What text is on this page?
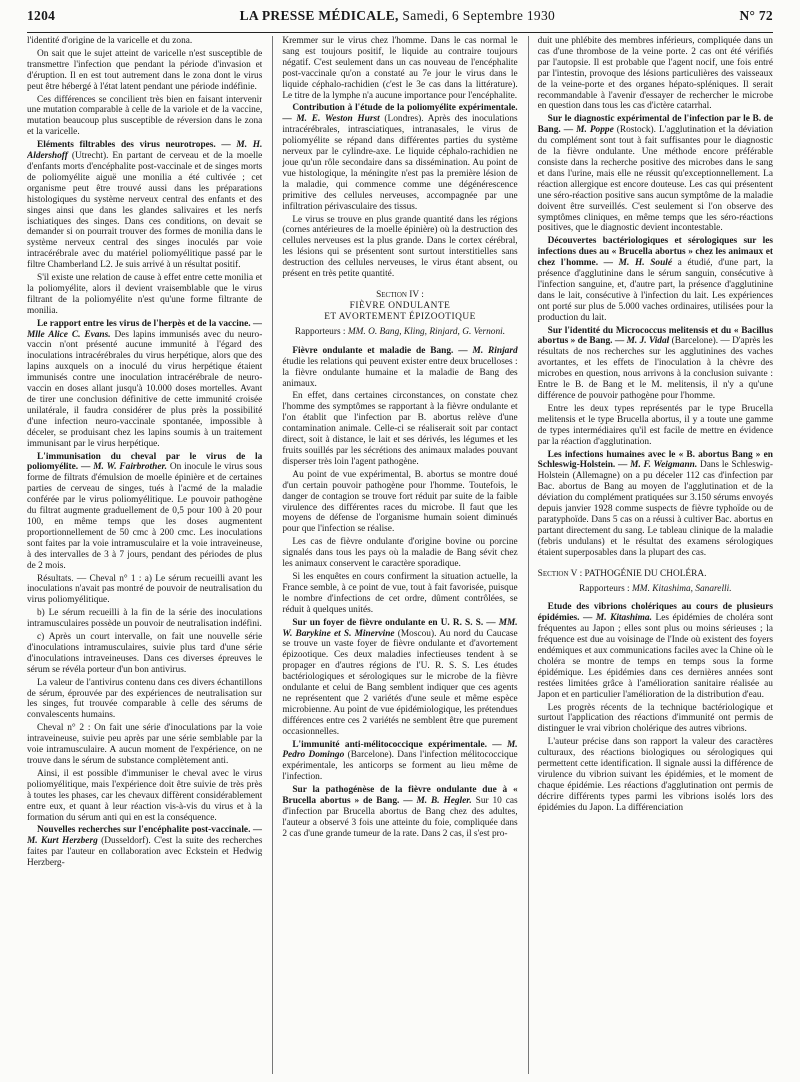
1204	LA PRESSE MÉDICALE, Samedi, 6 Septembre 1930	N° 72

l'identité d'origine de la varicelle et du zona.

On sait que le sujet atteint de varicelle n'est susceptible de transmettre l'infection que pendant la période d'invasion et d'éruption. Il en est tout autrement dans le zona dont le virus peut être hébergé à l'état latent pendant une période indéfinie.

Ces différences se concilient très bien en faisant intervenir une mutation comparable à celle de la variole et de la vaccine, mutation beaucoup plus susceptible de réversion dans le zona et la varicelle.

Eléments filtrables des virus neurotropes. — M. H. Aldershoff (Utrecht). En partant de cerveau et de la moelle d'enfants morts d'encéphalite post-vaccinale et de singes morts de poliomyélite aiguë une monilia a été cultivée ; cet organisme peut être trouvé aussi dans les préparations histologiques du système nerveux central des enfants et des singes ainsi que dans les glandes salivaires et les nerfs ischiatiques des singes. Dans ces conditions, on devait se demander si on pourrait trouver des formes de monilia dans le système nerveux central des singes inoculés par voie intracérébrale avec du matériel poliomyélitique passé par le filtre Chamberland L2. Je suis arrivé à un résultat positif.

S'il existe une relation de cause à effet entre cette monilia et la poliomyélite, alors il devient vraisemblable que le virus filtrant de la poliomyélite n'est qu'une forme filtrante de monilia.

Le rapport entre les virus de l'herpès et de la vaccine. — Mlle Alice C. Evans. Des lapins immunisés avec du neuro-vaccin n'ont présenté aucune immunité à l'égard des inoculations intracérébrales du virus herpétique, alors que des lapins auxquels on a inoculé du virus herpétique étaient immunisés contre une inoculation intracérébrale de neuro-vaccin en doses allant jusqu'à 10.000 doses mortelles. Avant de tirer une conclusion définitive de cette immunité croisée unilatérale, il faudra considérer de plus près la possibilité d'une infection neuro-vaccinale spontanée, impossible à déceler, se produisant chez les lapins soumis à un traitement immunisant par le virus herpétique.

L'immunisation du cheval par le virus de la poliomyélite. — M. W. Fairbrother. On inocule le virus sous forme de filtrats d'émulsion de moelle épinière et de certaines parties de cerveau de singes, tués à l'acmé de la maladie conférée par le virus poliomyélitique. Le pouvoir pathogène du filtrat augmente graduellement de 0,5 pour 100 à 20 pour 100, en même temps que les doses augmentent proportionnellement de 50 cmc à 200 cmc. Les inoculations sont faites par la voie intramusculaire et la voie intraveineuse, à des intervalles de 3 à 7 jours, pendant des périodes de plus de 2 mois.

Résultats. — Cheval n° 1 : a) Le sérum recueilli avant les inoculations n'avait pas montré de pouvoir de neutralisation du virus poliomyélitique.

b) Le sérum recueilli à la fin de la série des inoculations intramusculaires possède un pouvoir de neutralisation indéfini.

c) Après un court intervalle, on fait une nouvelle série d'inoculations intramusculaires, suivie plus tard d'une série d'inoculations intraveineuses. Dans ces diverses épreuves le sérum se révéla porteur d'un bon antivirus.

La valeur de l'antivirus contenu dans ces divers échantillons de sérum, éprouvée par des expériences de neutralisation sur les singes, fut trouvée comparable à celle des sérums de convalescents humains.

Cheval n° 2 : On fait une série d'inoculations par la voie intraveineuse, suivie peu après par une série semblable par la voie intramusculaire. A aucun moment de l'expérience, on ne trouve dans le sérum de substance complètement anti.

Ainsi, il est possible d'immuniser le cheval avec le virus poliomyélitique, mais l'expérience doit être suivie de très près à toutes les phases, car les chevaux diffèrent considérablement entre eux, et quant à leur réaction vis-à-vis du virus et à la formation du sérum anti qui en est la conséquence.

Nouvelles recherches sur l'encéphalite post-vaccinale. — M. Kurt Herzberg (Dusseldorf). C'est la suite des recherches faites par l'auteur en collaboration avec Eckstein et Hedwig Herzberg-

Kremmer sur le virus chez l'homme. Dans le cas normal le sang est toujours positif, le liquide au contraire toujours négatif. C'est seulement dans un cas nouveau de l'encéphalite post-vaccinale qu'on a constaté au 7e jour le virus dans le liquide céphalo-rachidien (c'est le 3e cas dans la littérature). Le titre de la lymphe n'a aucune importance pour l'encéphalite.

Contribution à l'étude de la poliomyélite expérimentale. — M. E. Weston Hurst (Londres). Après des inoculations intracérébrales, intrasciatiques, intranasales, le virus de poliomyélite se répand dans différentes parties du système nerveux par le cylindre-axe. Le liquide céphalo-rachidien ne joue qu'un rôle secondaire dans sa dissémination. Au point de vue histologique, la méningite n'est pas la première lésion de la maladie, qui commence comme une dégénérescence primitive des cellules nerveuses, accompagnée par une infiltration périvasculaire des tissus.

Le virus se trouve en plus grande quantité dans les régions (cornes antérieures de la moelle épinière) où la destruction des cellules nerveuses est la plus grande. Dans le cortex cérébral, les lésions qui se présentent sont surtout interstitielles sans destruction des cellules nerveuses, le virus étant absent, ou présent en très petite quantité.

Section IV :
FIÈVRE ONDULANTE
ET AVORTEMENT ÉPIZOOTIQUE
Rapporteurs : MM. O. Bang, Kling, Rinjard, G. Vernoni.

Fièvre ondulante et maladie de Bang. — M. Rinjard étudie les relations qui peuvent exister entre deux brucelloses : la fièvre ondulante humaine et la maladie de Bang des animaux.

En effet, dans certaines circonstances, on constate chez l'homme des symptômes se rapportant à la fièvre ondulante et l'on établit que l'infection par B. abortus relève d'une contamination animale. Celle-ci se réaliserait soit par contact direct, soit à distance, le lait et ses dérivés, les légumes et les fruits souillés par les sécrétions des animaux malades pouvant disperser très loin l'agent pathogène.

Au point de vue expérimental, B. abortus se montre doué d'un certain pouvoir pathogène pour l'homme. Toutefois, le danger de contagion se trouve fort réduit par suite de la faible virulence des différentes races du microbe. Il faut que les moyens de défense de l'organisme humain soient diminués pour que l'infection se réalise.

Les cas de fièvre ondulante d'origine bovine ou porcine signalés dans tous les pays où la maladie de Bang sévit chez les animaux conservent le caractère sporadique.

Si les enquêtes en cours confirment la situation actuelle, la France semble, à ce point de vue, tout à fait favorisée, puisque le nombre d'infections de cet ordre, dûment contrôlées, se réduit à quelques unités.

Sur un foyer de fièvre ondulante en U. R. S. S. — MM. W. Barykine et S. Minervine (Moscou). Au nord du Caucase se trouve un vaste foyer de fièvre ondulante et d'avortement épizootique. Ces deux maladies infectieuses tendent à se propager en d'autres régions de l'U. R. S. S. Les études bactériologiques et sérologiques sur le microbe de la fièvre ondulante et celui de Bang semblent indiquer que ces agents ne représentent que 2 variétés d'une seule et même espèce microbienne. Au point de vue épidémiologique, les prétendues différences entre ces 2 variétés ne semblent être que purement occasionnelles.

L'immunité anti-mélitococcique expérimentale. — M. Pedro Domingo (Barcelone). Dans l'infection mélitococcique expérimentale, les anticorps se forment au lieu même de l'infection.

Sur la pathogénèse de la fièvre ondulante due à « Brucella abortus » de Bang. — M. B. Hegler. Sur 10 cas d'infection par Brucella abortus de Bang chez des adultes, l'auteur a observé 3 fois une atteinte du foie, compliquée dans 2 cas d'une grande tumeur de la rate. Dans 2 cas, il s'est pro-

duit une phlébite des membres inférieurs, compliquée dans un cas d'une thrombose de la veine porte. 2 cas ont été vérifiés par l'autopsie. Il est probable que l'agent nocif, une fois entré par l'intestin, provoque des lésions particulières des vaisseaux de la veine-porte et des organes hépato-spléniques. Il serait recommandable à l'avenir d'essayer de rechercher le microbe en question dans tous les cas d'ictère catarrhal.

Sur le diagnostic expérimental de l'infection par le B. de Bang. — M. Poppe (Rostock). L'agglutination et la déviation du complément sont tout à fait suffisantes pour le diagnostic de la fièvre ondulante. Une méthode encore préférable consiste dans la recherche positive des microbes dans le sang et dans l'urine, mais elle ne réussit qu'exceptionnellement. La réaction allergique est encore douteuse. Les cas qui présentent une séro-réaction positive sans aucun symptôme de la maladie doivent être surveillés. C'est seulement si l'on observe des symptômes cliniques, en même temps que les séro-réactions positives, que le diagnostic devient incontestable.

Découvertes bactériologiques et sérologiques sur les infections dues au « Brucella abortus » chez les animaux et chez l'homme. — M. H. Soulé a étudié, d'une part, la présence d'agglutinine dans le sérum sanguin, consécutive à l'infection sanguine, et, d'autre part, la présence d'agglutinine dans le lait, consécutive à l'infection du lait. Les expériences ont porté sur plus de 5.000 vaches ordinaires, utilisées pour la production du lait.

Sur l'identité du Micrococcus melitensis et du « Bacillus abortus » de Bang. — M. J. Vidal (Barcelone). — D'après les résultats de nos recherches sur les agglutinines des vaches avortantes, et les effets de l'inoculation à la chèvre des microbes en question, nous arrivons à la conclusion suivante : Entre le B. de Bang et le M. melitensis, il n'y a qu'une différence de pouvoir pathogène pour l'homme.

Entre les deux types représentés par le type Brucella melitensis et le type Brucella abortus, il y a toute une gamme de types intermédiaires qu'il est facile de mettre en évidence par la réaction d'agglutination.

Les infections humaines avec le « B. abortus Bang » en Schleswig-Holstein. — M. F. Weigmann. Dans le Schleswig-Holstein (Allemagne) on a pu déceler 112 cas d'infection par Bac. abortus de Bang au moyen de l'agglutination et de la déviation du complément pratiquées sur 3.150 sérums envoyés depuis janvier 1928 comme suspects de fièvre typhoïde ou de paratyphoïde. Dans 5 cas on a réussi à cultiver Bac. abortus en partant directement du sang. Le tableau clinique de la maladie (febris undulans) et le résultat des examens sérologiques étaient superposables dans la plupart des cas.

Section V : PATHOGÉNIE DU CHOLÉRA.
Rapporteurs : MM. Kitashima, Sanarelli.

Etude des vibrions cholériques au cours de plusieurs épidémies. — M. Kitashima. Les épidémies de choléra sont fréquentes au Japon ; elles sont plus ou moins sérieuses ; la fréquence est due au voisinage de l'Inde où existent des foyers endémiques et aux communications faciles avec la Chine où le choléra se montre de temps en temps sous la forme épidémique. Les épidémies dans ces dernières années sont restées limitées grâce à l'amélioration sanitaire réalisée au Japon et en particulier l'amélioration de la distribution d'eau.

Les progrès récents de la technique bactériologique et surtout l'application des réactions d'immunité ont permis de distinguer le vrai vibrion cholérique des autres vibrions.

L'auteur précise dans son rapport la valeur des caractères culturaux, des réactions biologiques ou sérologiques qui permettent cette identification. Il signale aussi la différence de virulence du vibrion suivant les épidémies, et le moment de chaque épidémie. Les réactions d'agglutination ont permis de décrire différents types parmi les vibrions isolés lors des épidémies du Japon. La différenciation
